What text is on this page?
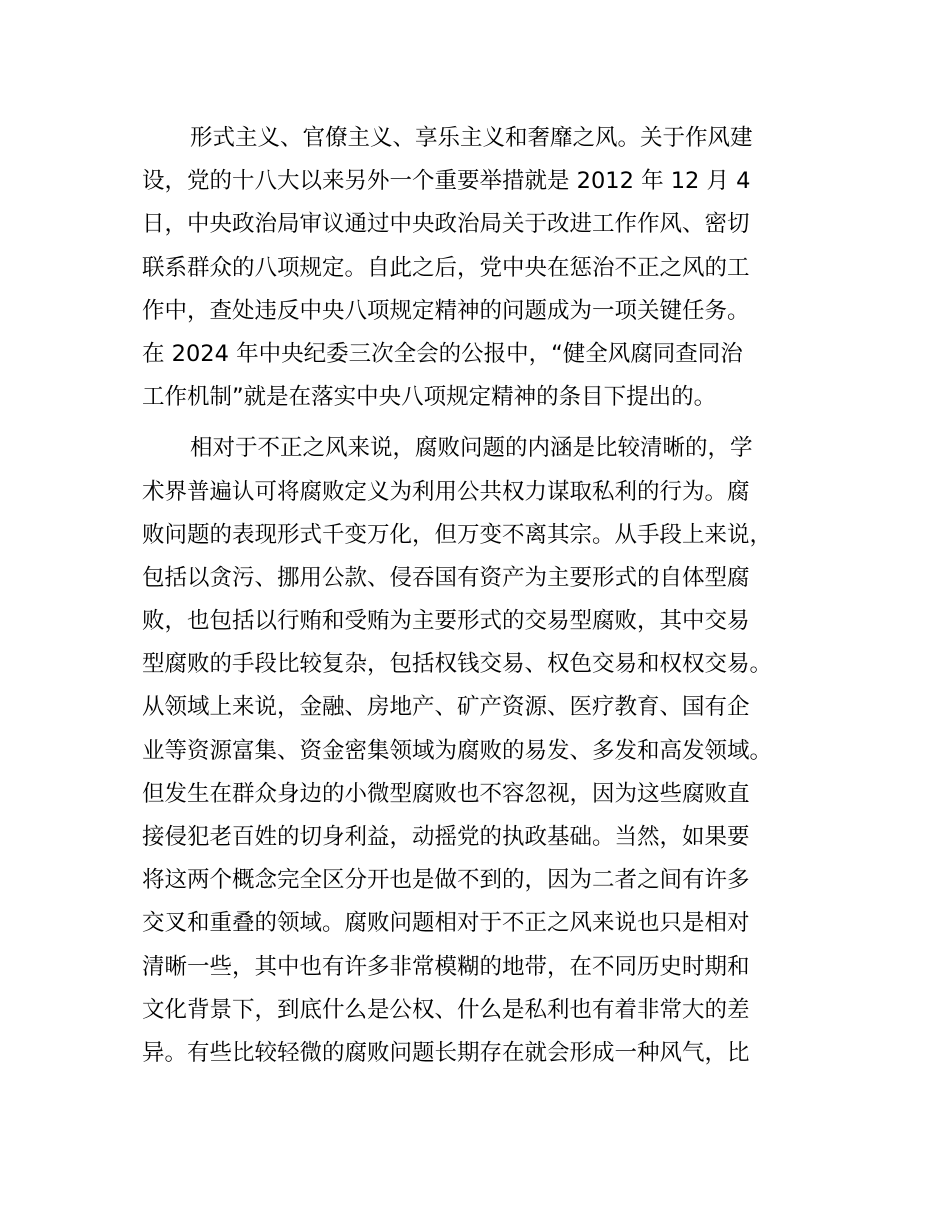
形式主义、官僚主义、享乐主义和奢靡之风。关于作风建
设，党的十八大以来另外一个重要举措就是 2012 年 12 月 4
日，中央政治局审议通过中央政治局关于改进工作作风、密切
联系群众的八项规定。自此之后，党中央在惩治不正之风的工
作中，查处违反中央八项规定精神的问题成为一项关键任务。
在 2024 年中央纪委三次全会的公报中，“健全风腐同查同治
工作机制”就是在落实中央八项规定精神的条目下提出的。
相对于不正之风来说，腐败问题的内涵是比较清晰的，学
术界普遍认可将腐败定义为利用公共权力谋取私利的行为。腐
败问题的表现形式千变万化，但万变不离其宗。从手段上来说，
包括以贪污、挪用公款、侵吞国有资产为主要形式的自体型腐
败，也包括以行贿和受贿为主要形式的交易型腐败，其中交易
型腐败的手段比较复杂，包括权钱交易、权色交易和权权交易。
从领域上来说，金融、房地产、矿产资源、医疗教育、国有企
业等资源富集、资金密集领域为腐败的易发、多发和高发领域。
但发生在群众身边的小微型腐败也不容忽视，因为这些腐败直
接侵犯老百姓的切身利益，动摇党的执政基础。当然，如果要
将这两个概念完全区分开也是做不到的，因为二者之间有许多
交叉和重叠的领域。腐败问题相对于不正之风来说也只是相对
清晰一些，其中也有许多非常模糊的地带，在不同历史时期和
文化背景下，到底什么是公权、什么是私利也有着非常大的差
异。有些比较轻微的腐败问题长期存在就会形成一种风气，比
